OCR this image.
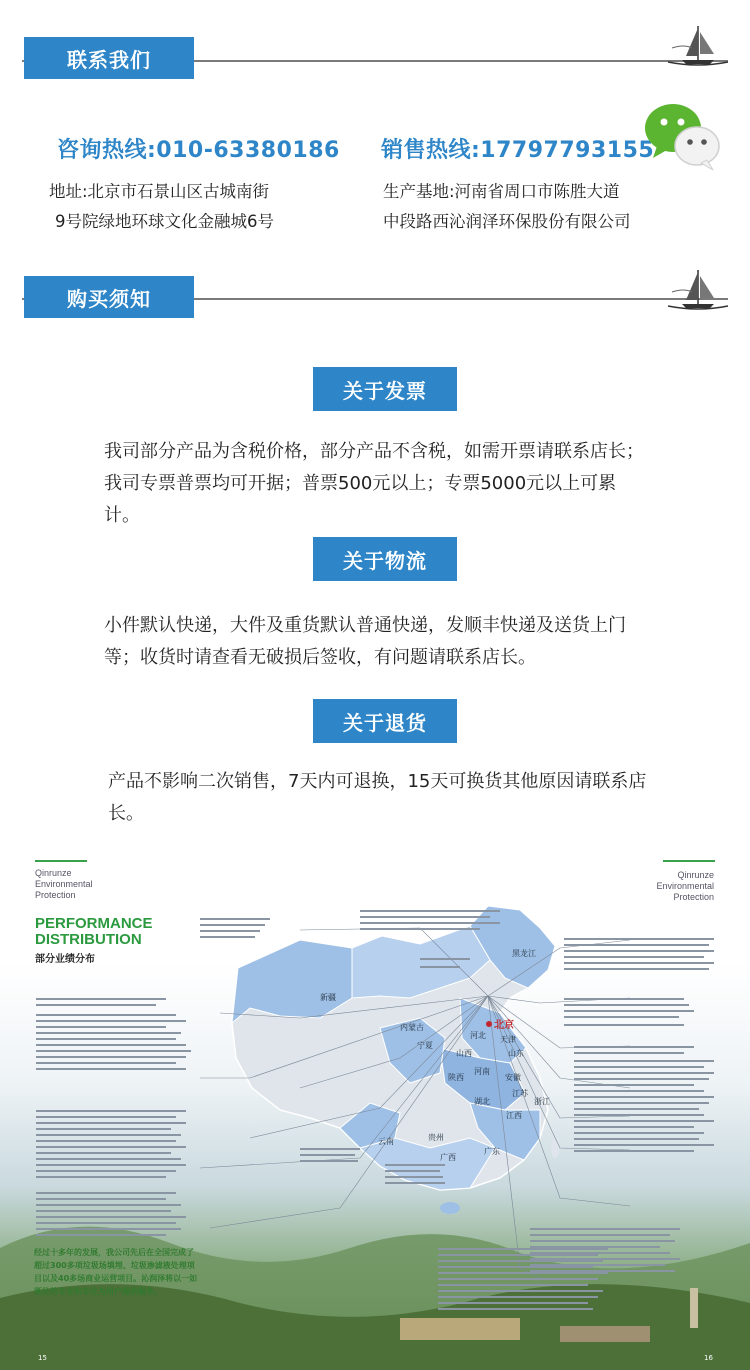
联系我们
咨询热线:010-63380186 销售热线:17797793155
地址:北京市石景山区古城南街
9号院绿地环球文化金融城6号
生产基地:河南省周口市陈胜大道
中段路西沁润泽环保股份有限公司
购买须知
关于发票
我司部分产品为含税价格，部分产品不含税，如需开票请联系店长；我司专票普票均可开据；普票500元以上；专票5000元以上可累计。
关于物流
小件默认快递，大件及重货默认普通快递，发顺丰快递及送货上门等；收货时请查看无破损后签收，有问题请联系店长。
关于退货
产品不影响二次销售，7天内可退换，15天可换货其他原因请联系店长。
黑龙江
新疆
内蒙古	北京
天津
河北
宁夏
山西	山东
河南
陕西	安徽
江苏
湖北	浙江
江西
云南	贵州
广西
广东
Qinrunze
Environmental
Protection
Qinrunze
Environmental
Protection
PERFORMANCE
DISTRIBUTION
部分业绩分布
经过十多年的发展，我公司先后在全国完成了超过300多项垃圾场填埋、垃圾渗滤液处理项目以及40多场商业运营项目。沁润泽将以一如既往的专业和专注为用户提供服务。
15	16
